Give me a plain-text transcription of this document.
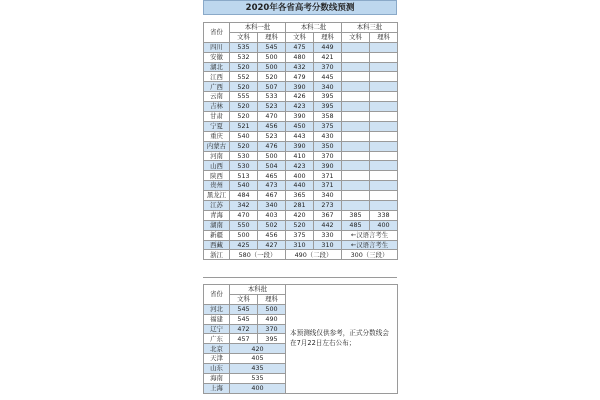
2020年各省高考分数线预测
省份	本科一批		本科二批		本科三批	
	文科	理科	文科	理科	文科	理科
四川	535	545	475	449		
安徽	532	500	480	421		
湖北	520	500	432	370		
江西	552	520	479	445		
广西	520	507	390	340		
云南	555	533	426	395		
吉林	520	523	423	395		
甘肃	520	470	390	358		
宁夏	521	456	450	375		
重庆	540	523	443	430		
内蒙古	520	476	390	350		
河南	530	500	410	370		
山西	530	504	423	390		
陕西	513	465	400	371		
贵州	540	473	440	371		
黑龙江	484	467	365	340		
江苏	342	340	281	273		
青海	470	403	420	367	385	338
湖南	550	502	520	442	485	400
新疆	500	456	375	330	←汉语言考生	
西藏	425	427	310	310	←汉语言考生	
浙江	580（一段）		490（二段）		300（三段）	
省份	本科批		本预测线仅供参考，正式分数线会在7月22日左右公布；
	文科	理科	
河北	545	500	
福建	545	490	
辽宁	472	370	
广东	457	395	
北京	420		
天津	405		
山东	435		
海南	535		
上海	400		
